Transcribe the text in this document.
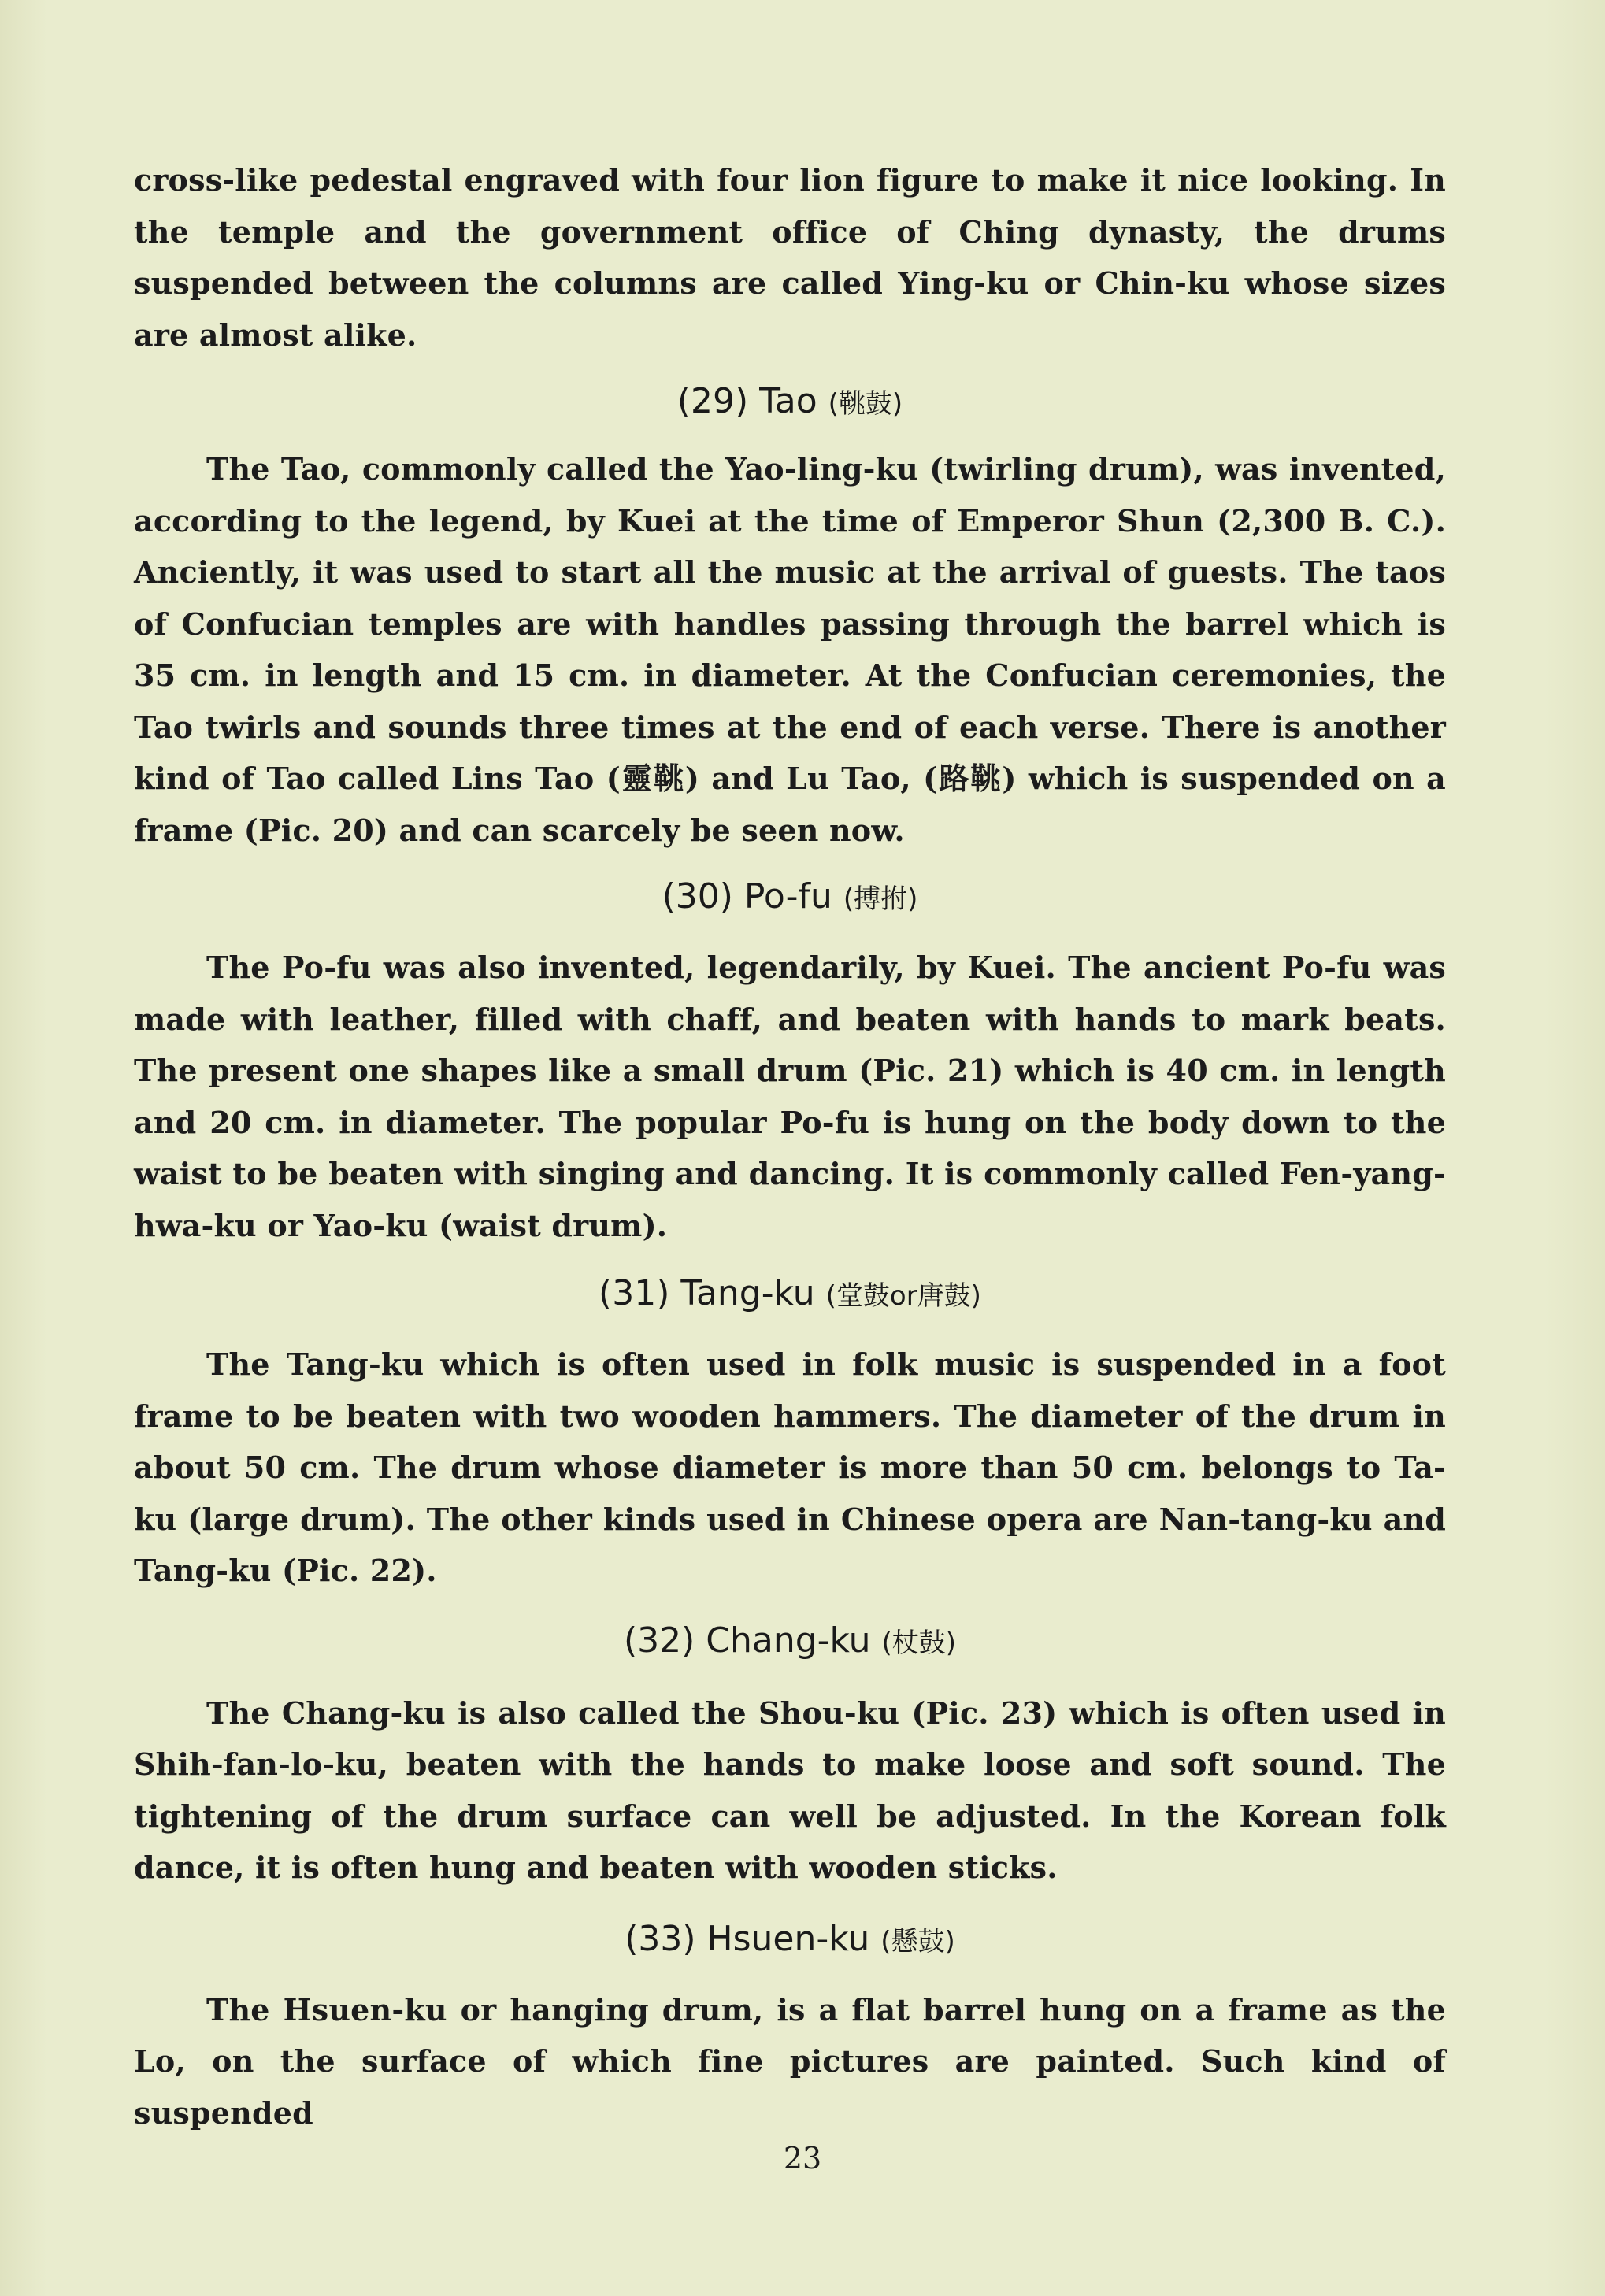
cross-like pedestal engraved with four lion figure to make it nice looking. In the temple and the government office of Ching dynasty, the drums suspended between the columns are called Ying-ku or Chin-ku whose sizes are almost alike.

(29) Tao (鞉鼓)

The Tao, commonly called the Yao-ling-ku (twirling drum), was invented, according to the legend, by Kuei at the time of Emperor Shun (2,300 B. C.). Anciently, it was used to start all the music at the arrival of guests. The taos of Confucian temples are with handles passing through the barrel which is 35 cm. in length and 15 cm. in diameter. At the Confucian ceremonies, the Tao twirls and sounds three times at the end of each verse. There is another kind of Tao called Lins Tao (靈鞉) and Lu Tao, (路鞉) which is suspended on a frame (Pic. 20) and can scarcely be seen now.

(30) Po-fu (搏拊)

The Po-fu was also invented, legendarily, by Kuei. The ancient Po-fu was made with leather, filled with chaff, and beaten with hands to mark beats. The present one shapes like a small drum (Pic. 21) which is 40 cm. in length and 20 cm. in diameter. The popular Po-fu is hung on the body down to the waist to be beaten with singing and dancing. It is commonly called Fen-yang-hwa-ku or Yao-ku (waist drum).

(31) Tang-ku (堂鼓or唐鼓)

The Tang-ku which is often used in folk music is suspended in a foot frame to be beaten with two wooden hammers. The diameter of the drum in about 50 cm. The drum whose diameter is more than 50 cm. belongs to Ta-ku (large drum). The other kinds used in Chinese opera are Nan-tang-ku and Tang-ku (Pic. 22).

(32) Chang-ku (杖鼓)

The Chang-ku is also called the Shou-ku (Pic. 23) which is often used in Shih-fan-lo-ku, beaten with the hands to make loose and soft sound. The tightening of the drum surface can well be adjusted. In the Korean folk dance, it is often hung and beaten with wooden sticks.

(33) Hsuen-ku (懸鼓)

The Hsuen-ku or hanging drum, is a flat barrel hung on a frame as the Lo, on the surface of which fine pictures are painted. Such kind of suspended

23
